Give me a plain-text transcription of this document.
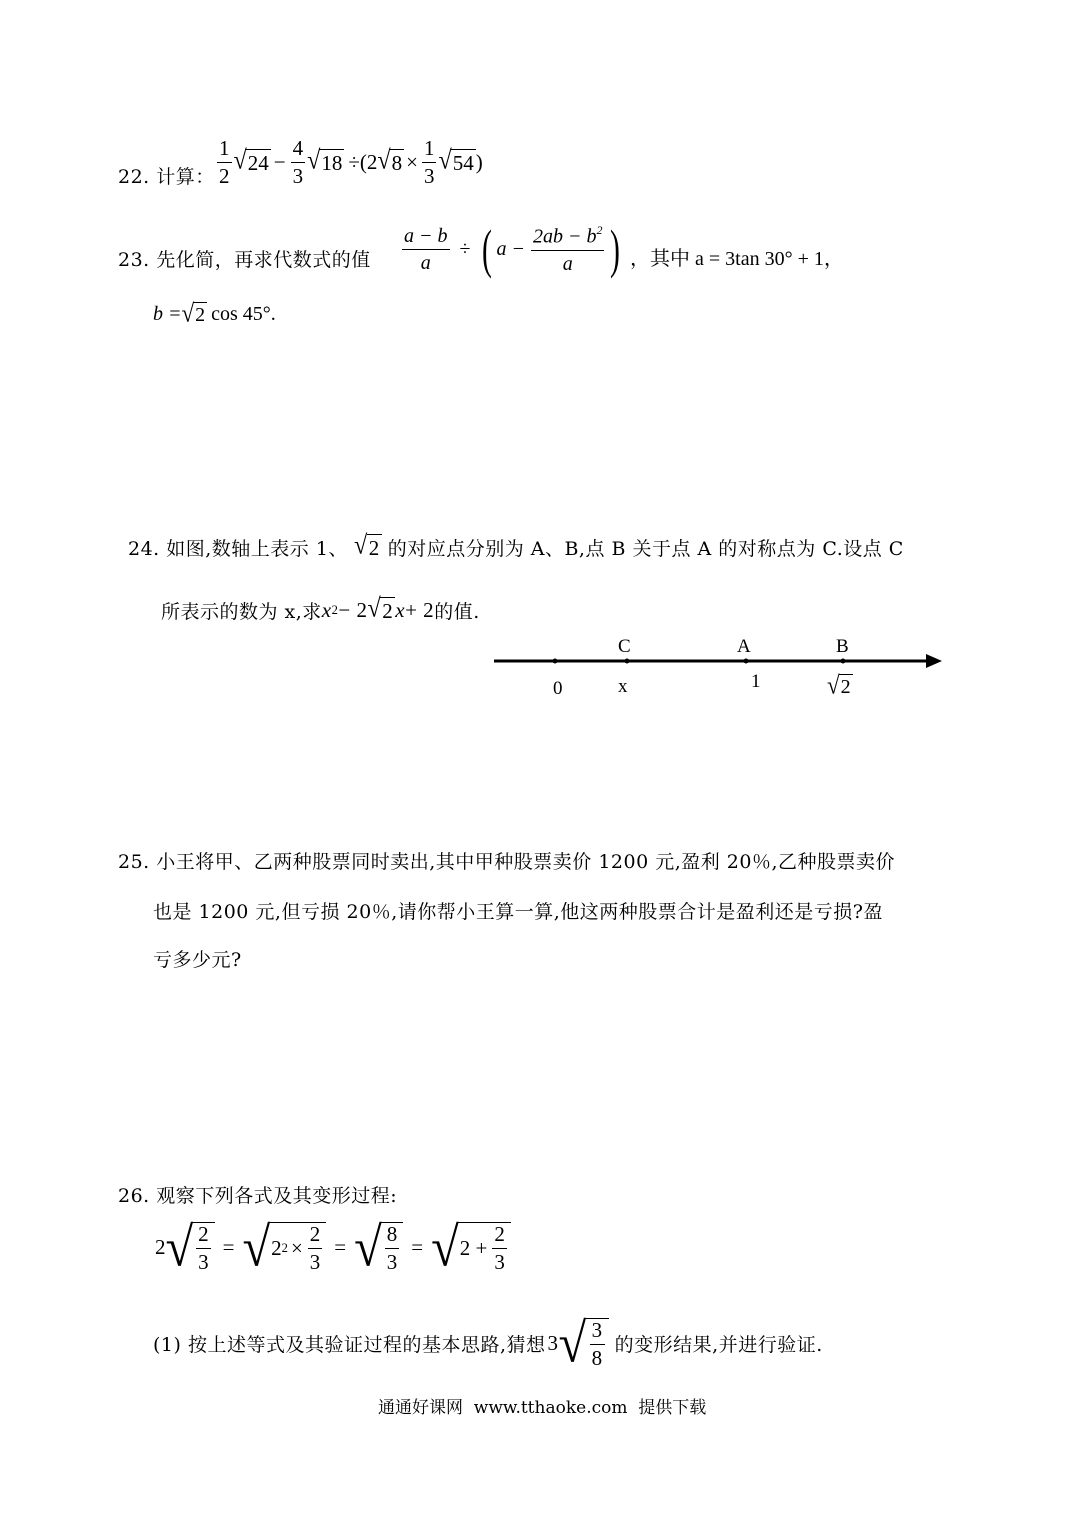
22. 计算： $\frac{1}{2}$ √ $24 - \frac{4}{3}$ √ 18 ÷(2 √ $8 \times \frac{1}{3}$ √ 54 )
23. 先化简，再求代数式的值 $\frac{a - b}{a}$ ÷ ( $a - \frac{2ab - b^2}{a}$ ) ，其中 a = 3tan 30° + 1，
b = √ 2 cos 45°.
24. 如图,数轴上表示 1、 √ 2 的对应点分别为 A、B,点 B 关于点 A 的对称点为 C.设点 C
所表示的数为 x,求 x 2 − 2 √ 2 x + 2 的值.
C	A	B
0	x	1	√ 2
25. 小王将甲、乙两种股票同时卖出,其中甲种股票卖价 1200 元,盈利 20％,乙种股票卖价
也是 1200 元,但亏损 20％,请你帮小王算一算,他这两种股票合计是盈利还是亏损?盈
亏多少元?
26. 观察下列各式及其变形过程:
2 √ $\frac{2}{3}$ = √ 2 $2 \times \frac{2}{3}$ = √ $\frac{8}{3}$ = √ $2 + \frac{2}{3}$
(1) 按上述等式及其验证过程的基本思路,猜想 3 √ $\frac{3}{8}$ 的变形结果,并进行验证.
通通好课网  www.tthaoke.com  提供下载
